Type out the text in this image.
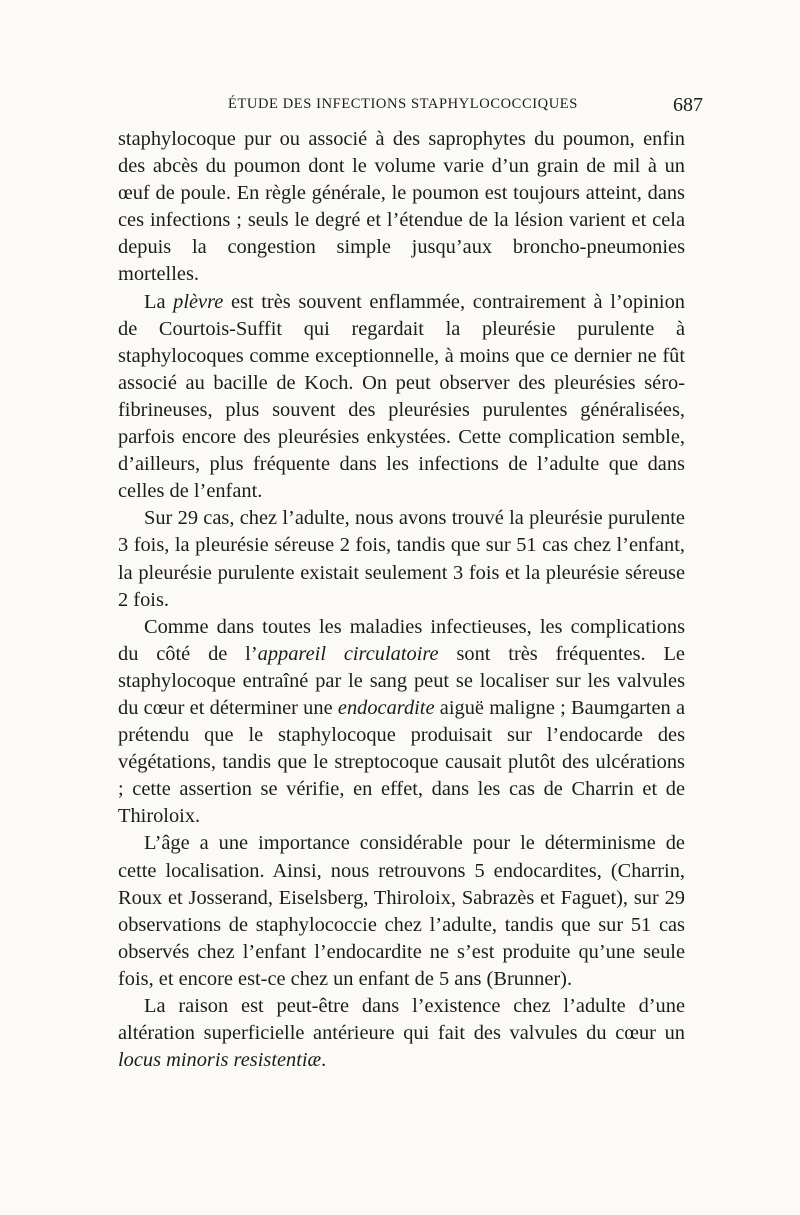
ÉTUDE DES INFECTIONS STAPHYLOCOCCIQUES	687

staphylocoque pur ou associé à des saprophytes du poumon, enfin des abcès du poumon dont le volume varie d’un grain de mil à un œuf de poule. En règle générale, le poumon est toujours atteint, dans ces infections ; seuls le degré et l’étendue de la lésion varient et cela depuis la congestion simple jusqu’aux broncho-pneumonies mortelles.

La plèvre est très souvent enflammée, contrairement à l’opinion de Courtois-Suffit qui regardait la pleurésie purulente à staphylocoques comme exceptionnelle, à moins que ce dernier ne fût associé au bacille de Koch. On peut observer des pleurésies séro-fibrineuses, plus souvent des pleurésies purulentes généralisées, parfois encore des pleurésies enkystées. Cette complication semble, d’ailleurs, plus fréquente dans les infections de l’adulte que dans celles de l’enfant.

Sur 29 cas, chez l’adulte, nous avons trouvé la pleurésie purulente 3 fois, la pleurésie séreuse 2 fois, tandis que sur 51 cas chez l’enfant, la pleurésie purulente existait seulement 3 fois et la pleurésie séreuse 2 fois.

Comme dans toutes les maladies infectieuses, les complications du côté de l’appareil circulatoire sont très fréquentes. Le staphylocoque entraîné par le sang peut se localiser sur les valvules du cœur et déterminer une endocardite aiguë maligne ; Baumgarten a prétendu que le staphylocoque produisait sur l’endocarde des végétations, tandis que le streptocoque causait plutôt des ulcérations ; cette assertion se vérifie, en effet, dans les cas de Charrin et de Thiroloix.

L’âge a une importance considérable pour le déterminisme de cette localisation. Ainsi, nous retrouvons 5 endocardites, (Charrin, Roux et Josserand, Eiselsberg, Thiroloix, Sabrazès et Faguet), sur 29 observations de staphylococcie chez l’adulte, tandis que sur 51 cas observés chez l’enfant l’endocardite ne s’est produite qu’une seule fois, et encore est-ce chez un enfant de 5 ans (Brunner).

La raison est peut-être dans l’existence chez l’adulte d’une altération superficielle antérieure qui fait des valvules du cœur un locus minoris resistentiæ.
